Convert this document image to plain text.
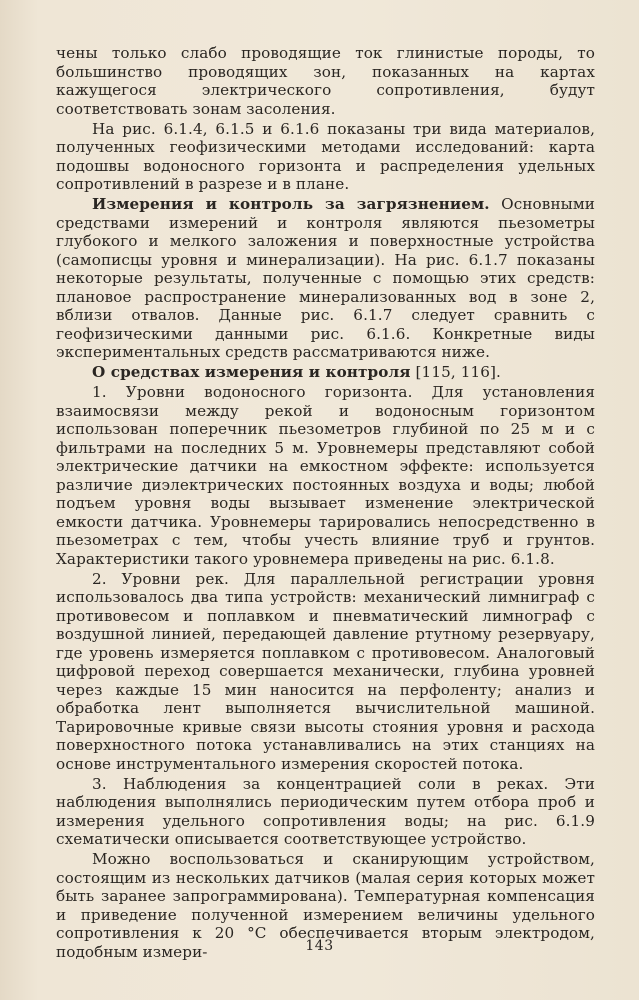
чены только слабо проводящие ток глинистые породы, то большинство проводящих зон, показанных на картах кажущегося электрического сопротивления, будут соответствовать зонам засоления.

На рис. 6.1.4, 6.1.5 и 6.1.6 показаны три вида материалов, полученных геофизическими методами исследований: карта подошвы водоносного горизонта и распределения удельных сопротивлений в разрезе и в плане.

Измерения и контроль за загрязнением. Основными средствами измерений и контроля являются пьезометры глубокого и мелкого заложения и поверхностные устройства (самописцы уровня и минерализации). На рис. 6.1.7 показаны некоторые результаты, полученные с помощью этих средств: плановое распространение минерализованных вод в зоне 2, вблизи отвалов. Данные рис. 6.1.7 следует сравнить с геофизическими данными рис. 6.1.6. Конкретные виды экспериментальных средств рассматриваются ниже.

О средствах измерения и контроля [115, 116].

1. Уровни водоносного горизонта. Для установления взаимосвязи между рекой и водоносным горизонтом использован поперечник пьезометров глубиной по 25 м и с фильтрами на последних 5 м. Уровнемеры представляют собой электрические датчики на емкостном эффекте: используется различие диэлектрических постоянных воздуха и воды; любой подъем уровня воды вызывает изменение электрической емкости датчика. Уровнемеры тарировались непосредственно в пьезометрах с тем, чтобы учесть влияние труб и грунтов. Характеристики такого уровнемера приведены на рис. 6.1.8.

2. Уровни рек. Для параллельной регистрации уровня использовалось два типа устройств: механический лимниграф с противовесом и поплавком и пневматический лимнограф с воздушной линией, передающей давление ртутному резервуару, где уровень измеряется поплавком с противовесом. Аналоговый цифровой переход совершается механически, глубина уровней через каждые 15 мин наносится на перфоленту; анализ и обработка лент выполняется вычислительной машиной. Тарировочные кривые связи высоты стояния уровня и расхода поверхностного потока устанавливались на этих станциях на основе инструментального измерения скоростей потока.

3. Наблюдения за концентрацией соли в реках. Эти наблюдения выполнялись периодическим путем отбора проб и измерения удельного сопротивления воды; на рис. 6.1.9 схематически описывается соответствующее устройство.

Можно воспользоваться и сканирующим устройством, состоящим из нескольких датчиков (малая серия которых может быть заранее запрограммирована). Температурная компенсация и приведение полученной измерением величины удельного сопротивления к 20 °С обеспечивается вторым электродом, подобным измери-	143
